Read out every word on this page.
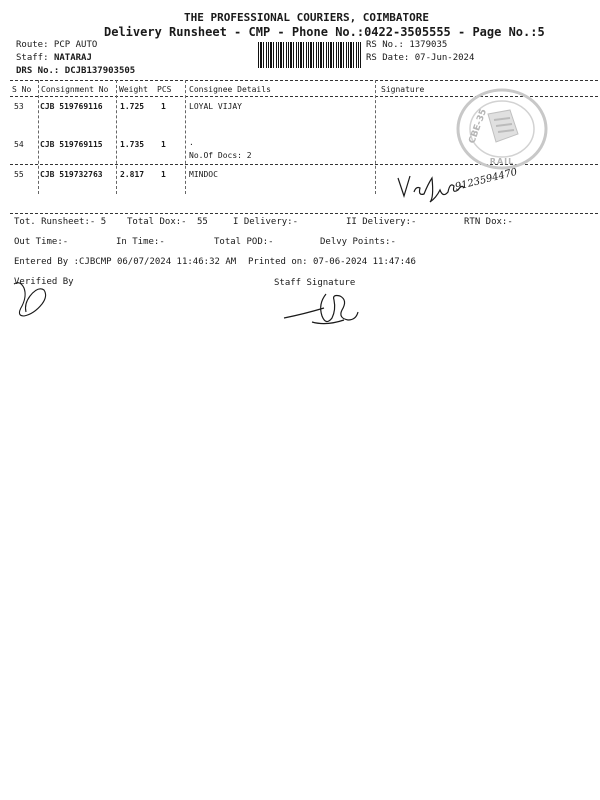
THE PROFESSIONAL COURIERS, COIMBATORE
Delivery Runsheet - CMP - Phone No.:0422-3505555 - Page No.:5
Route: PCP AUTO
Staff: NATARAJ
DRS No.: DCJB137903505
RS No.: 1379035
RS Date: 07-Jun-2024
S No Consignment No Weight PCS Consignee Details	Signature
53 CJB 519769116 1.725 1	LOYAL VIJAY
54 CJB 519769115 1.735 1	.
No.Of Docs: 2
55 CJB 519732763 2.817 1	MINDOC
CBE-35
RAIL
9123594470
Tot. Runsheet:- 5 Total Dox:- 55	I Delivery:-	II Delivery:-	RTN Dox:-
Out Time:-	In Time:-	Total POD:-	Delvy Points:-
Entered By :CJBCMP 06/07/2024 11:46:32 AM Printed on: 07-06-2024 11:47:46
Verified By	Staff Signature
